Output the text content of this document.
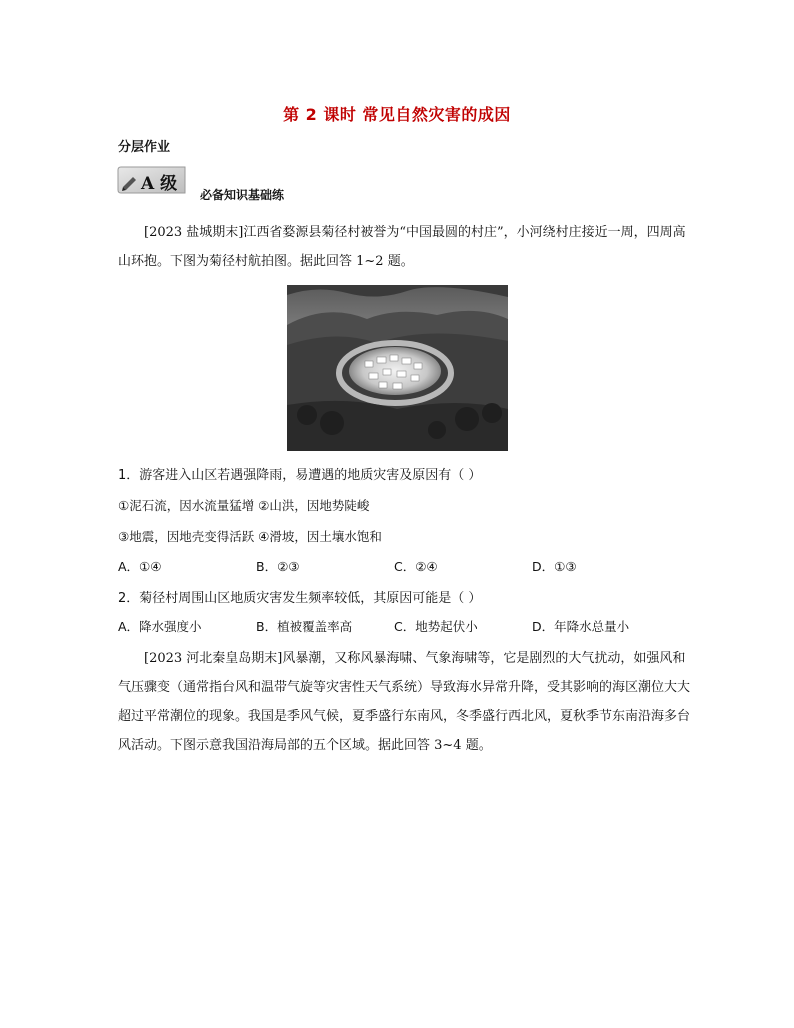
第 2 课时 常见自然灾害的成因
分层作业
A 级
必备知识基础练
[2023 盐城期末]江西省婺源县菊径村被誉为“中国最圆的村庄”，小河绕村庄接近一周，四周高山环抱。下图为菊径村航拍图。据此回答 1~2 题。
1．游客进入山区若遇强降雨，易遭遇的地质灾害及原因有（ ）
①泥石流，因水流量猛增 ②山洪，因地势陡峻
③地震，因地壳变得活跃 ④滑坡，因土壤水饱和
A．①④	B．②③	C．②④	D．①③
2．菊径村周围山区地质灾害发生频率较低，其原因可能是（ ）
A．降水强度小	B．植被覆盖率高	C．地势起伏小	D．年降水总量小
[2023 河北秦皇岛期末]风暴潮，又称风暴海啸、气象海啸等，它是剧烈的大气扰动，如强风和气压骤变（通常指台风和温带气旋等灾害性天气系统）导致海水异常升降，受其影响的海区潮位大大超过平常潮位的现象。我国是季风气候，夏季盛行东南风，冬季盛行西北风，夏秋季节东南沿海多台风活动。下图示意我国沿海局部的五个区域。据此回答 3~4 题。
